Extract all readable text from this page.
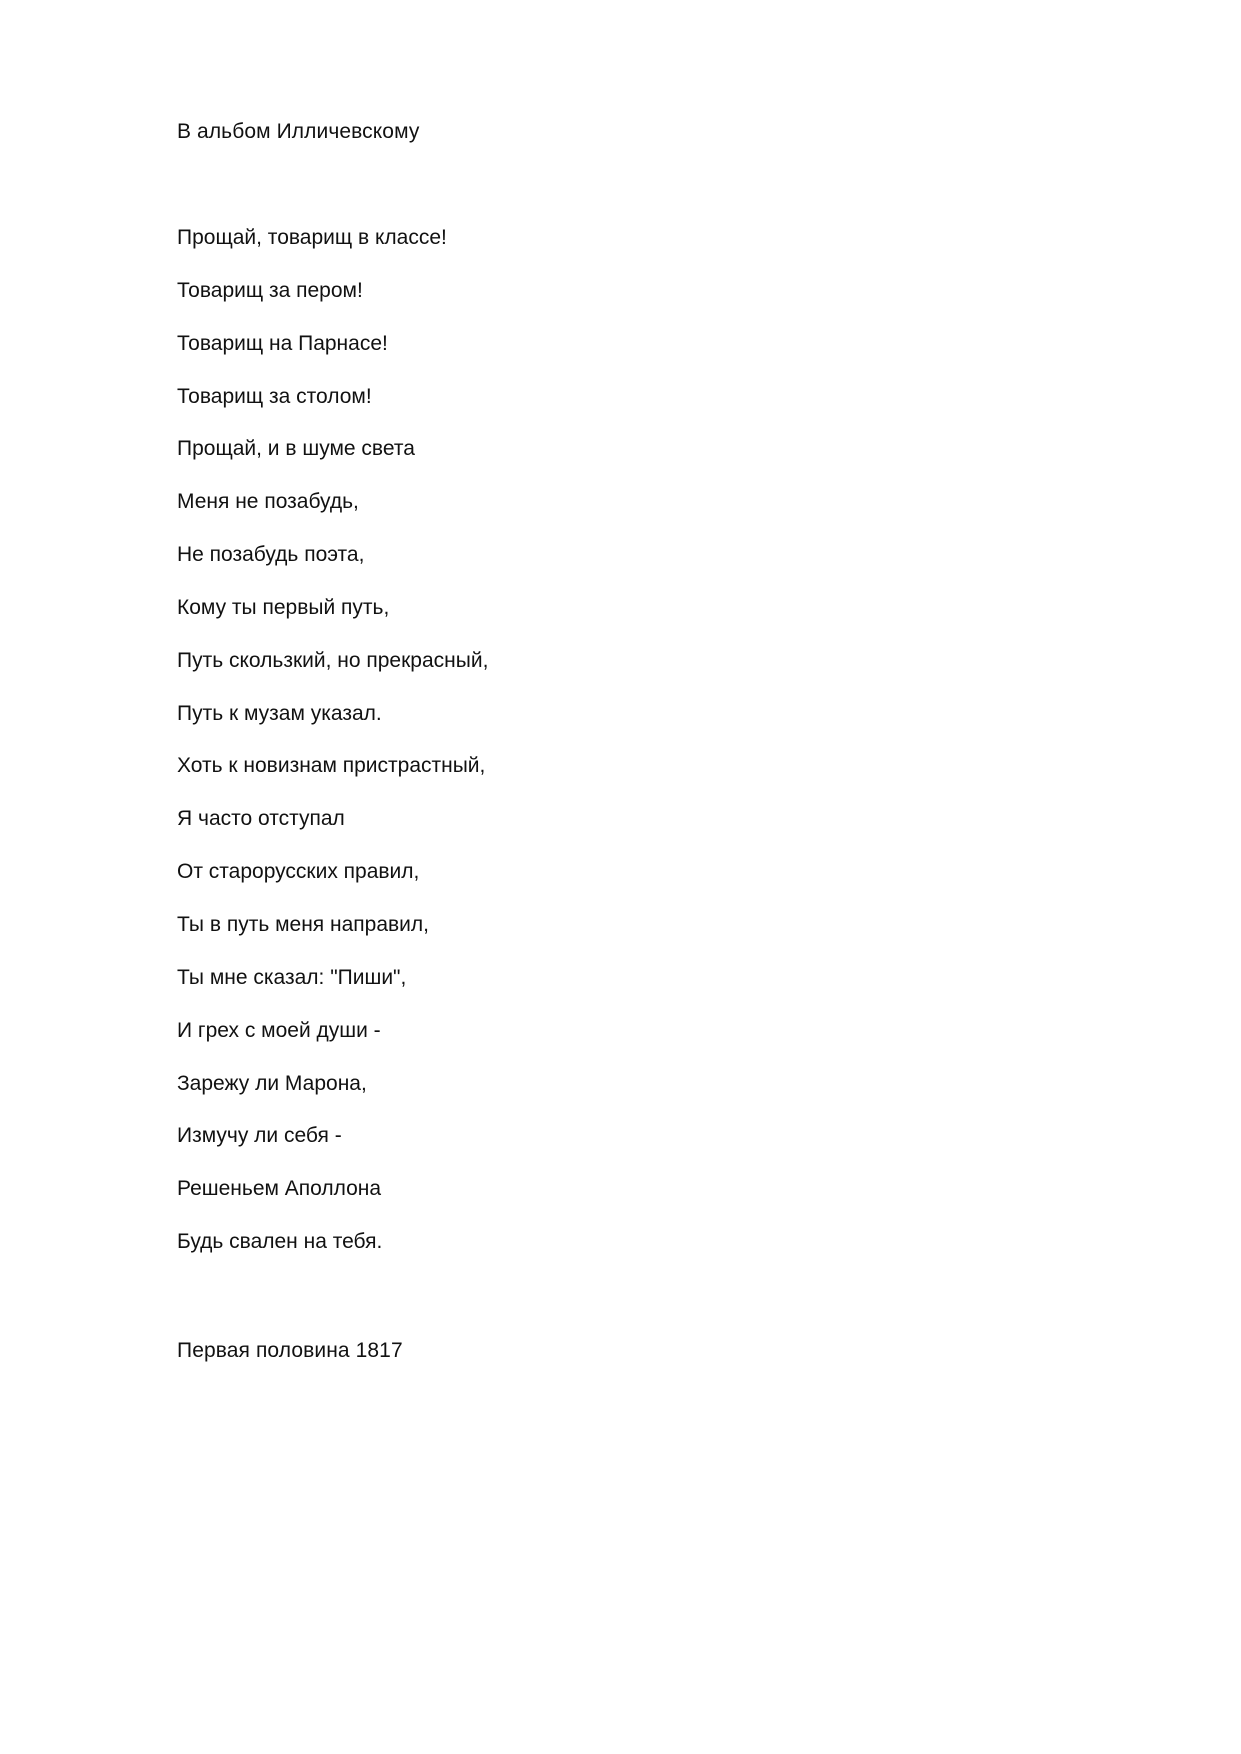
В альбом Илличевскому

Прощай, товарищ в классе!
Товарищ за пером!
Товарищ на Парнасе!
Товарищ за столом!
Прощай, и в шуме света
Меня не позабудь,
Не позабудь поэта,
Кому ты первый путь,
Путь скользкий, но прекрасный,
Путь к музам указал.
Хоть к новизнам пристрастный,
Я часто отступал
От старорусских правил,
Ты в путь меня направил,
Ты мне сказал: "Пиши",
И грех с моей души -
Зарежу ли Марона,
Измучу ли себя -
Решеньем Аполлона
Будь свален на тебя.

Первая половина 1817
